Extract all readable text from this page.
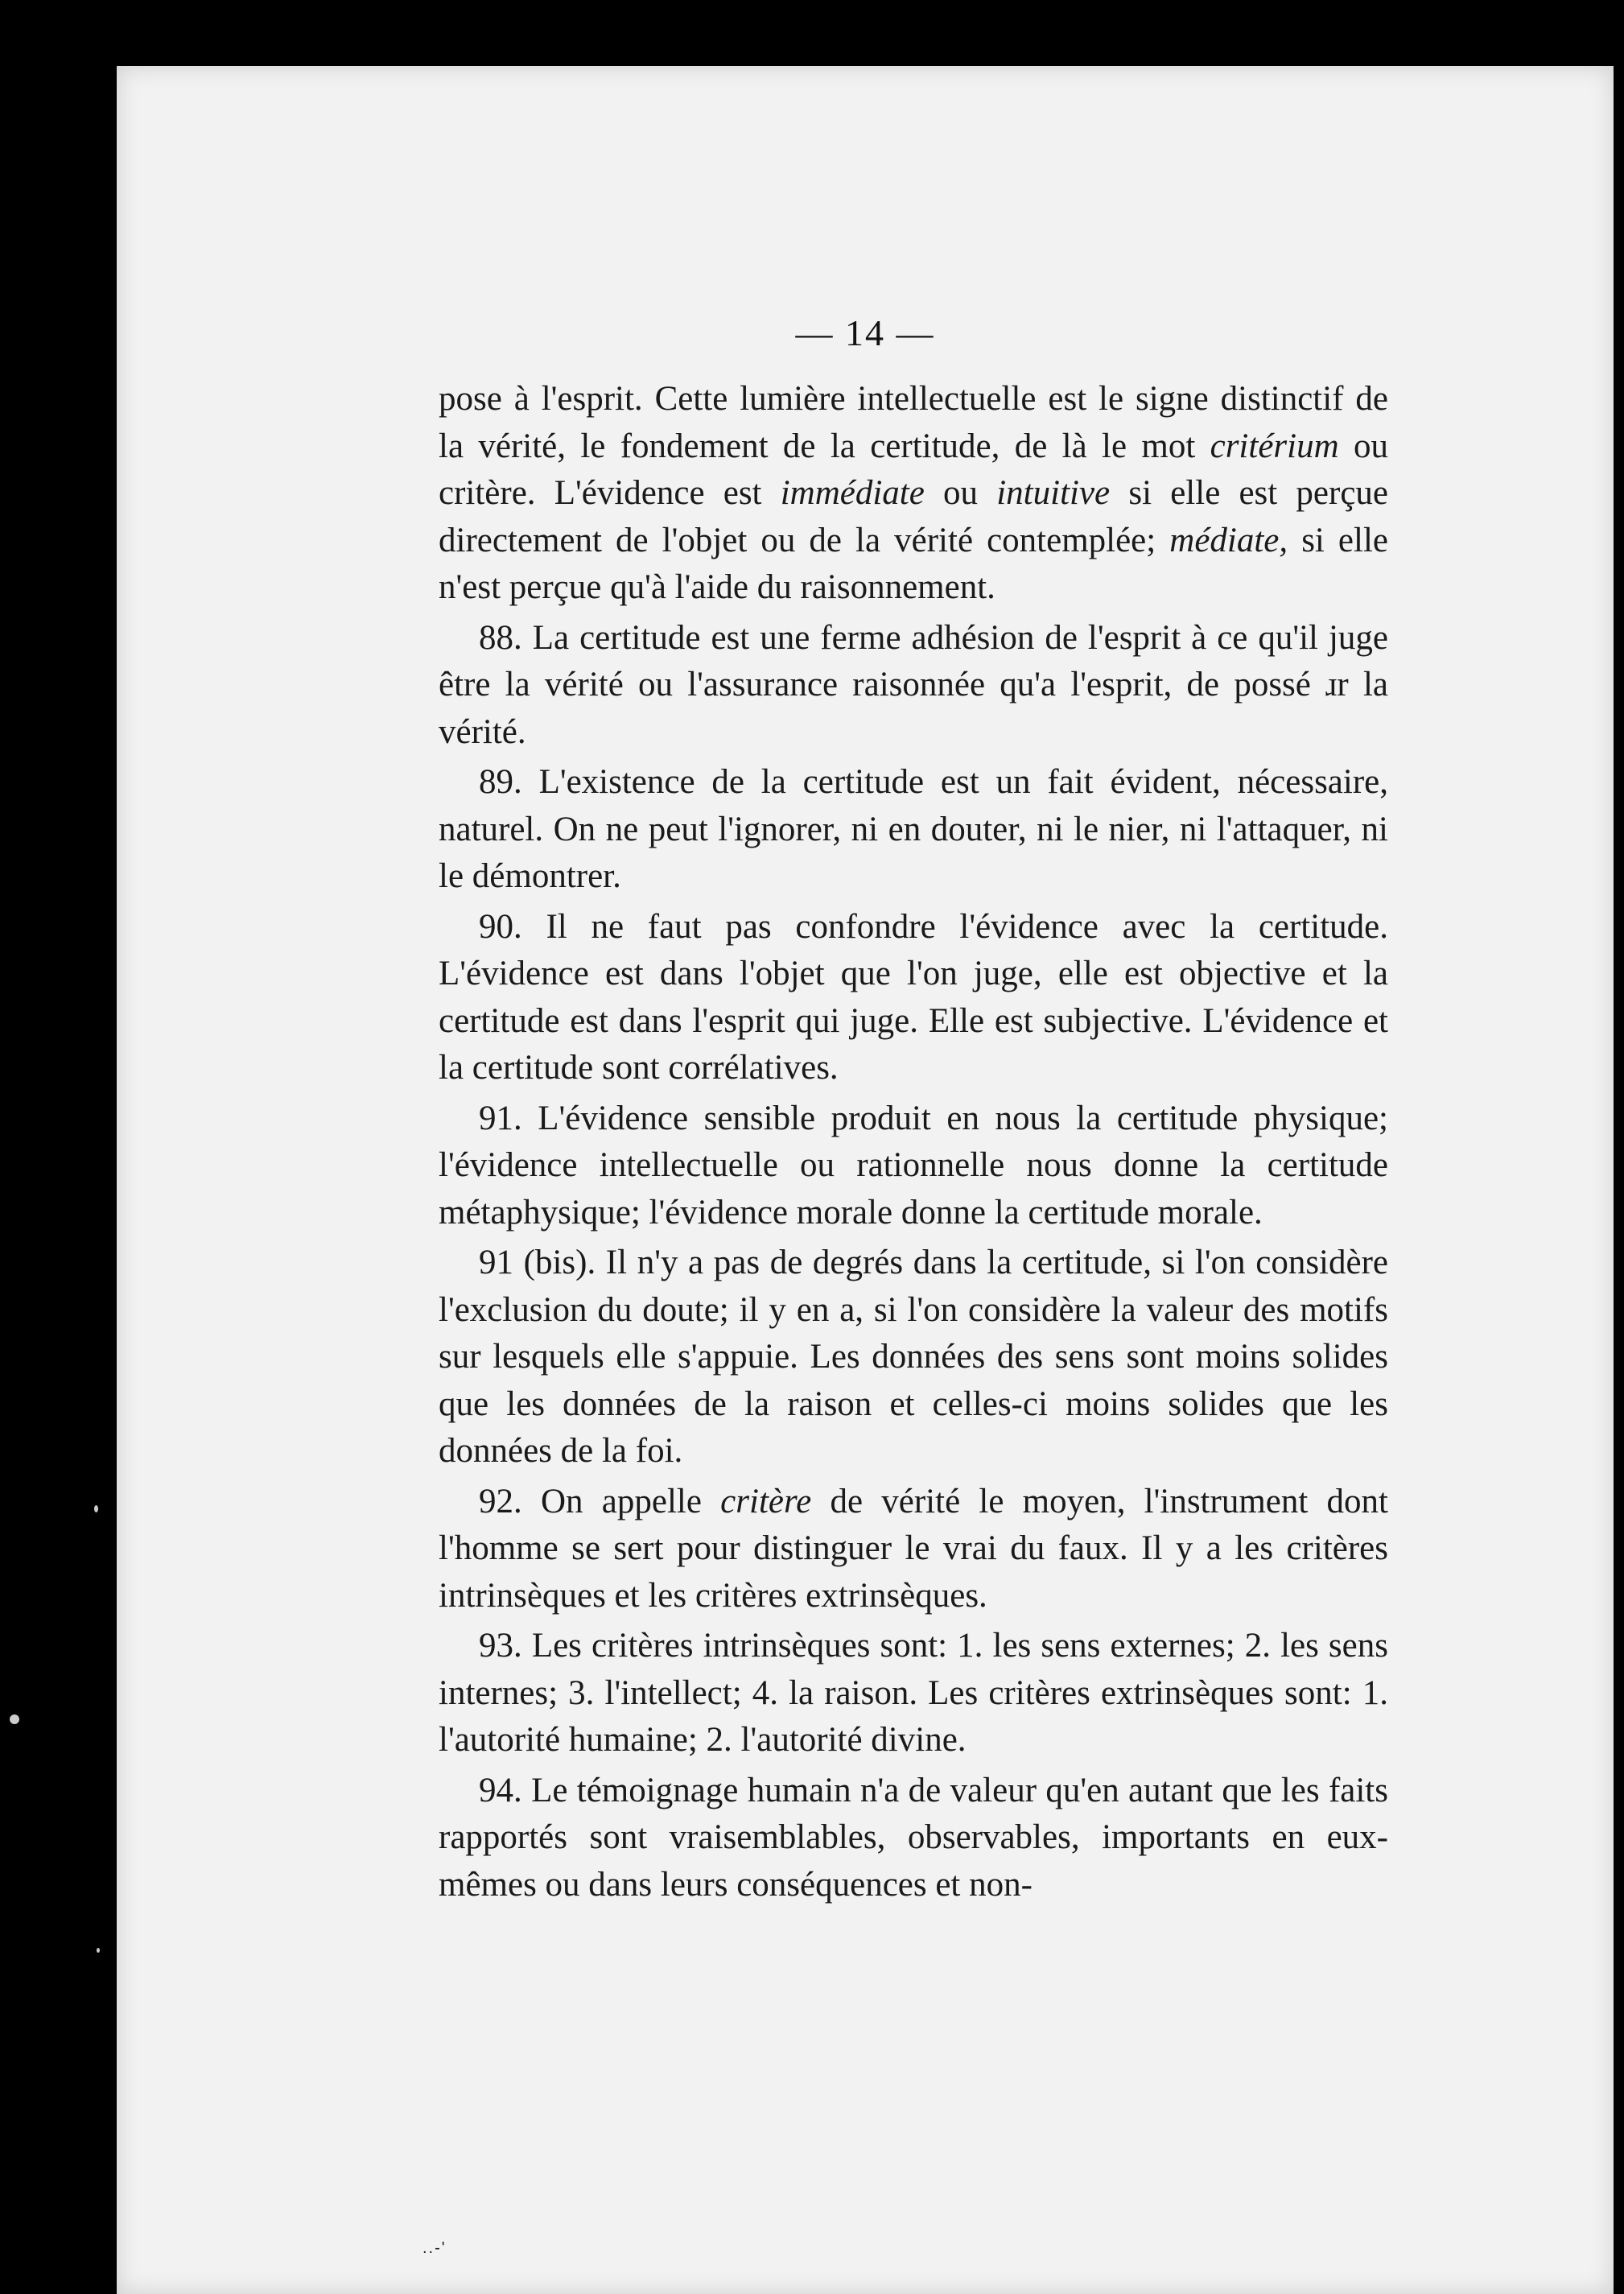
— 14 —

pose à l'esprit. Cette lumière intellectuelle est le signe distinctif de la vérité, le fondement de la certitude, de là le mot critérium ou critère. L'évidence est immédiate ou intuitive si elle est perçue directement de l'objet ou de la vérité contemplée; médiate, si elle n'est perçue qu'à l'aide du raisonnement.

88. La certitude est une ferme adhésion de l'esprit à ce qu'il juge être la vérité ou l'assurance raisonnée qu'a l'esprit, de possé ɹr la vérité.

89. L'existence de la certitude est un fait évident, nécessaire, naturel. On ne peut l'ignorer, ni en douter, ni le nier, ni l'attaquer, ni le démontrer.

90. Il ne faut pas confondre l'évidence avec la certitude. L'évidence est dans l'objet que l'on juge, elle est objective et la certitude est dans l'esprit qui juge. Elle est subjective. L'évidence et la certitude sont corrélatives.

91. L'évidence sensible produit en nous la certitude physique; l'évidence intellectuelle ou rationnelle nous donne la certitude métaphysique; l'évidence morale donne la certitude morale.

91 (bis). Il n'y a pas de degrés dans la certitude, si l'on considère l'exclusion du doute; il y en a, si l'on considère la valeur des motifs sur lesquels elle s'appuie. Les données des sens sont moins solides que les données de la raison et celles-ci moins solides que les données de la foi.

92. On appelle critère de vérité le moyen, l'instrument dont l'homme se sert pour distinguer le vrai du faux. Il y a les critères intrinsèques et les critères extrinsèques.

93. Les critères intrinsèques sont: 1. les sens externes; 2. les sens internes; 3. l'intellect; 4. la raison. Les critères extrinsèques sont: 1. l'autorité humaine; 2. l'autorité divine.

94. Le témoignage humain n'a de valeur qu'en autant que les faits rapportés sont vraisemblables, observables, importants en eux-mêmes ou dans leurs conséquences et non-

..-'
